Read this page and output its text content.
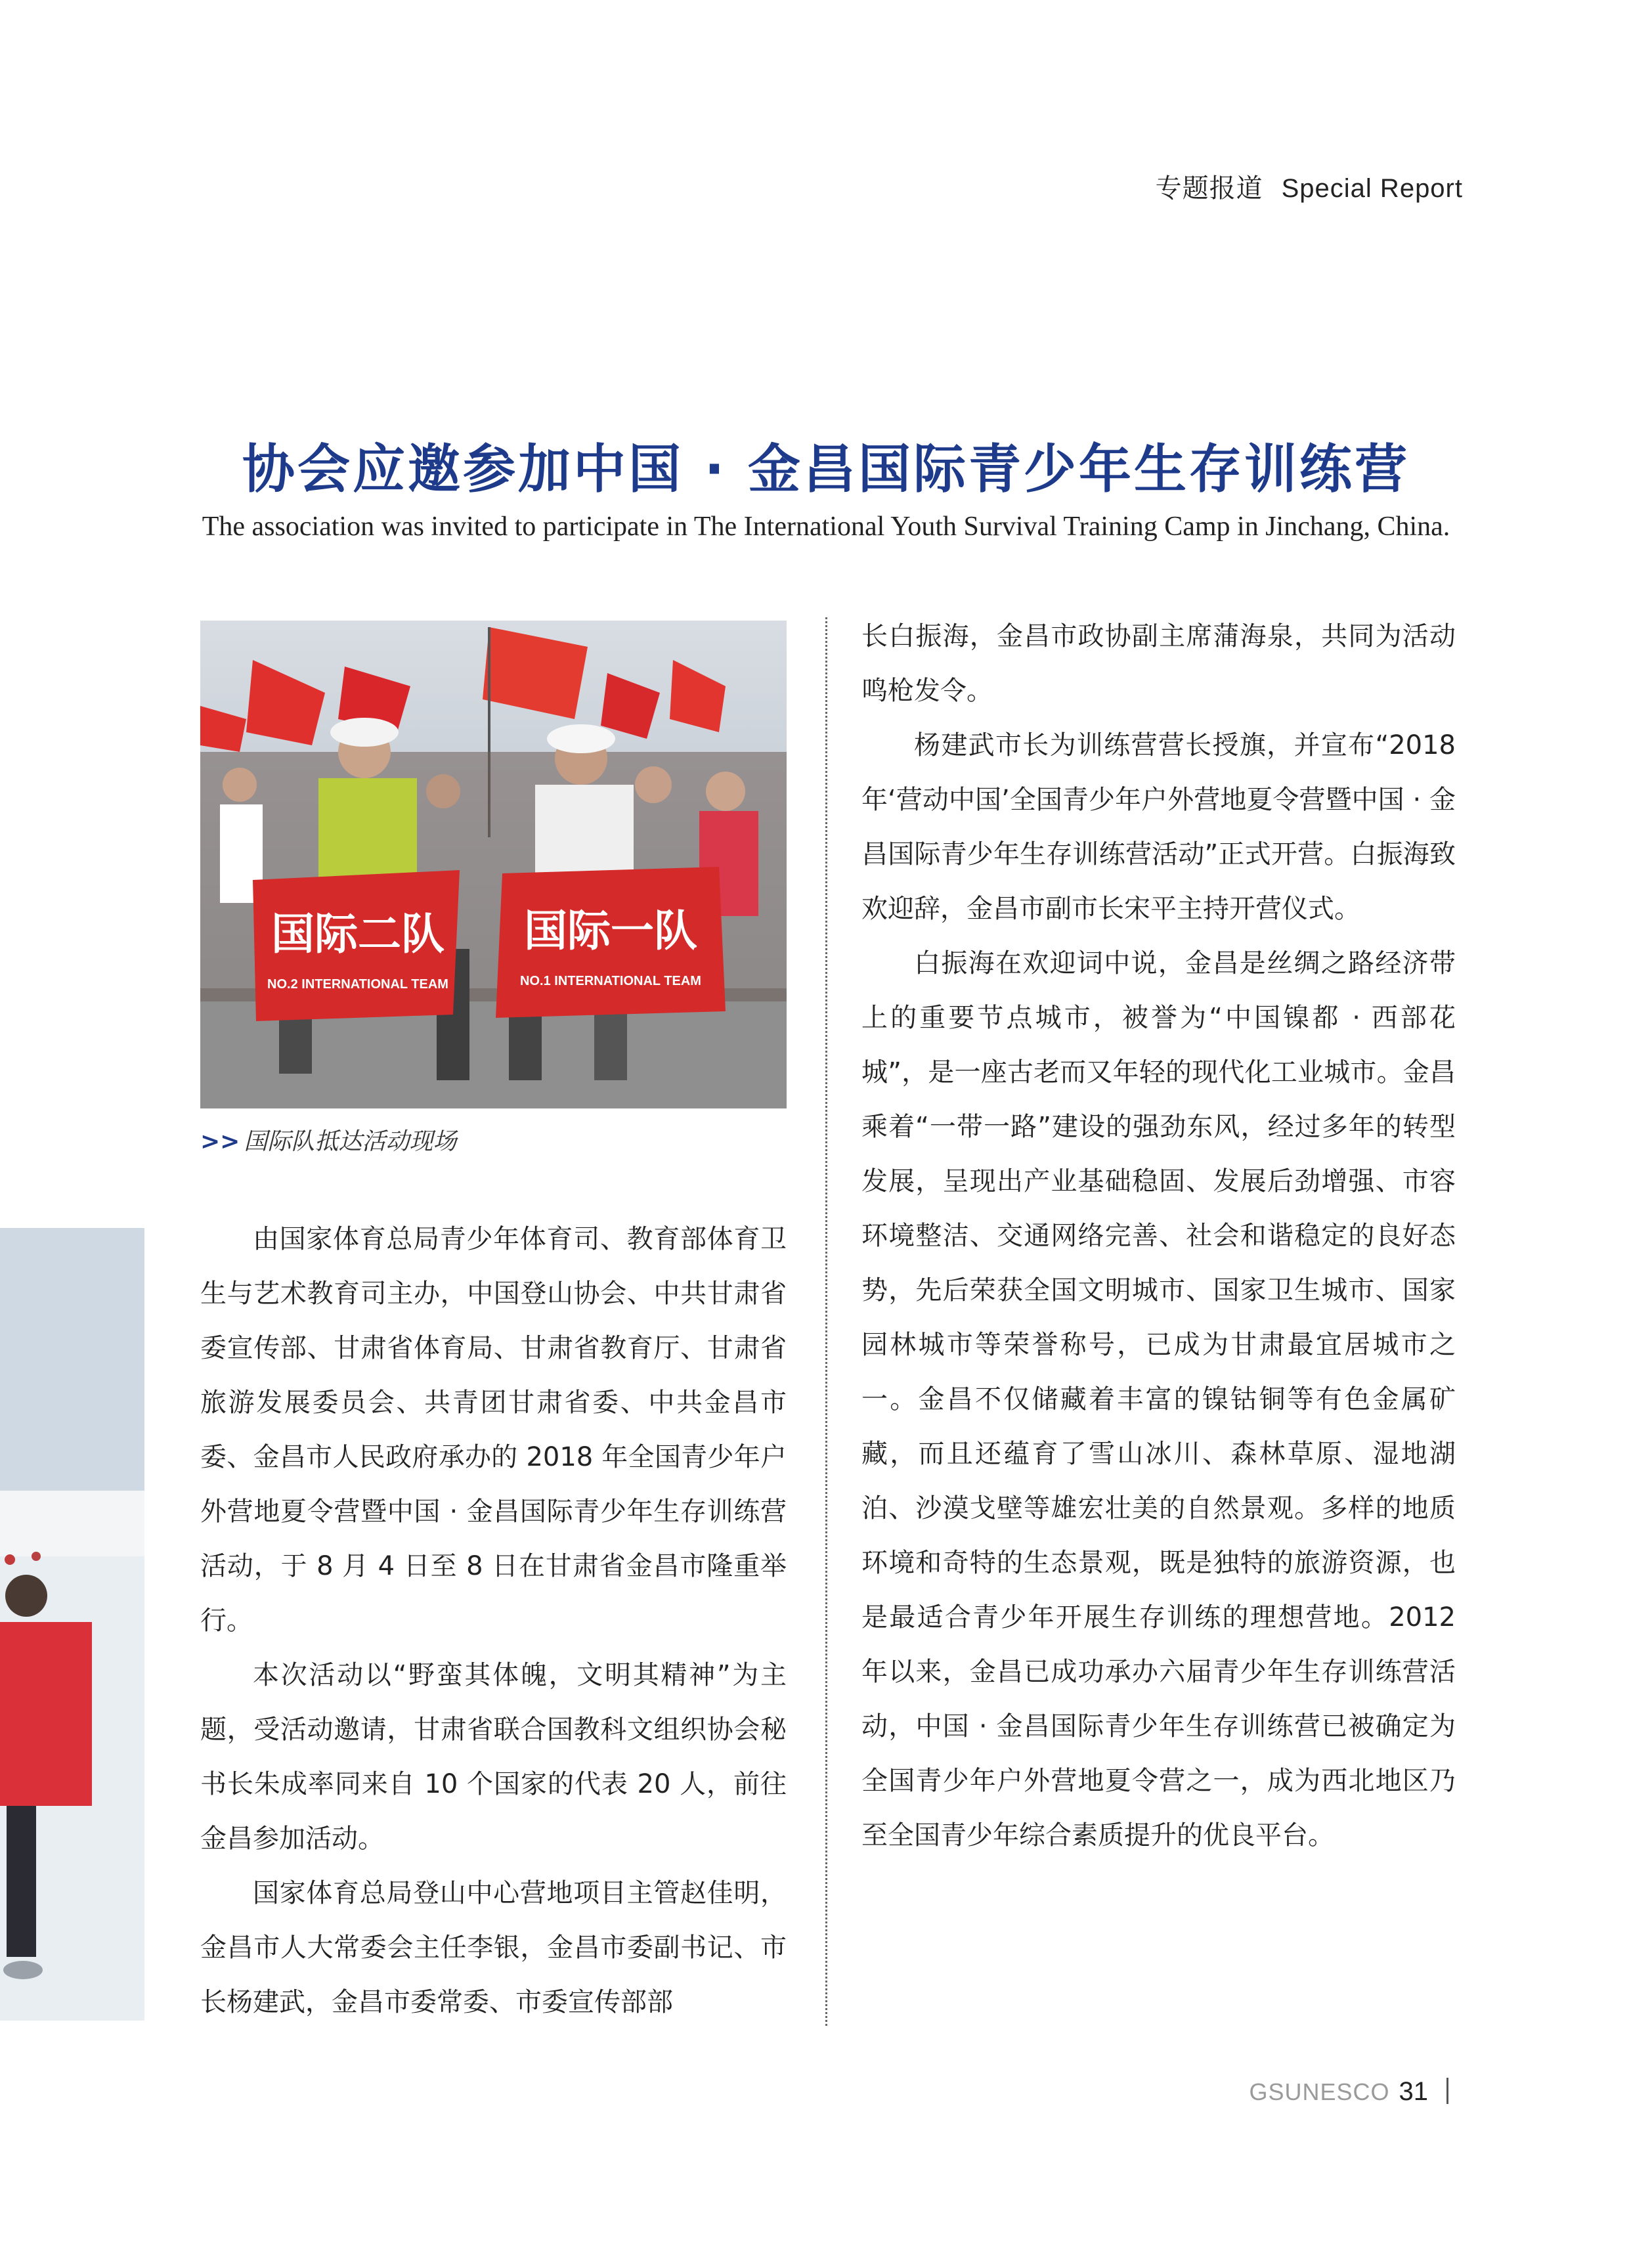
专题报道 Special Report
协会应邀参加中国 · 金昌国际青少年生存训练营
The association was invited to participate in The International Youth Survival Training Camp in Jinchang, China.
国际二队
NO.2 INTERNATIONAL TEAM
国际一队
NO.1 INTERNATIONAL TEAM
>> 国际队抵达活动现场

由国家体育总局青少年体育司、教育部体育卫生与艺术教育司主办，中国登山协会、中共甘肃省委宣传部、甘肃省体育局、甘肃省教育厅、甘肃省旅游发展委员会、共青团甘肃省委、中共金昌市委、金昌市人民政府承办的 2018 年全国青少年户外营地夏令营暨中国 · 金昌国际青少年生存训练营活动，于 8 月 4 日至 8 日在甘肃省金昌市隆重举行。

本次活动以“野蛮其体魄，文明其精神”为主题，受活动邀请，甘肃省联合国教科文组织协会秘书长朱成率同来自 10 个国家的代表 20 人，前往金昌参加活动。

国家体育总局登山中心营地项目主管赵佳明，金昌市人大常委会主任李银，金昌市委副书记、市长杨建武，金昌市委常委、市委宣传部部

长白振海，金昌市政协副主席蒲海泉，共同为活动鸣枪发令。

杨建武市长为训练营营长授旗，并宣布“2018 年‘营动中国’全国青少年户外营地夏令营暨中国 · 金昌国际青少年生存训练营活动”正式开营。白振海致欢迎辞，金昌市副市长宋平主持开营仪式。

白振海在欢迎词中说，金昌是丝绸之路经济带上的重要节点城市，被誉为“中国镍都 · 西部花城”，是一座古老而又年轻的现代化工业城市。金昌乘着“一带一路”建设的强劲东风，经过多年的转型发展，呈现出产业基础稳固、发展后劲增强、市容环境整洁、交通网络完善、社会和谐稳定的良好态势，先后荣获全国文明城市、国家卫生城市、国家园林城市等荣誉称号，已成为甘肃最宜居城市之一。金昌不仅储藏着丰富的镍钴铜等有色金属矿藏，而且还蕴育了雪山冰川、森林草原、湿地湖泊、沙漠戈壁等雄宏壮美的自然景观。多样的地质环境和奇特的生态景观，既是独特的旅游资源，也是最适合青少年开展生存训练的理想营地。2012 年以来，金昌已成功承办六届青少年生存训练营活动，中国 · 金昌国际青少年生存训练营已被确定为全国青少年户外营地夏令营之一，成为西北地区乃至全国青少年综合素质提升的优良平台。

GSUNESCO 31
